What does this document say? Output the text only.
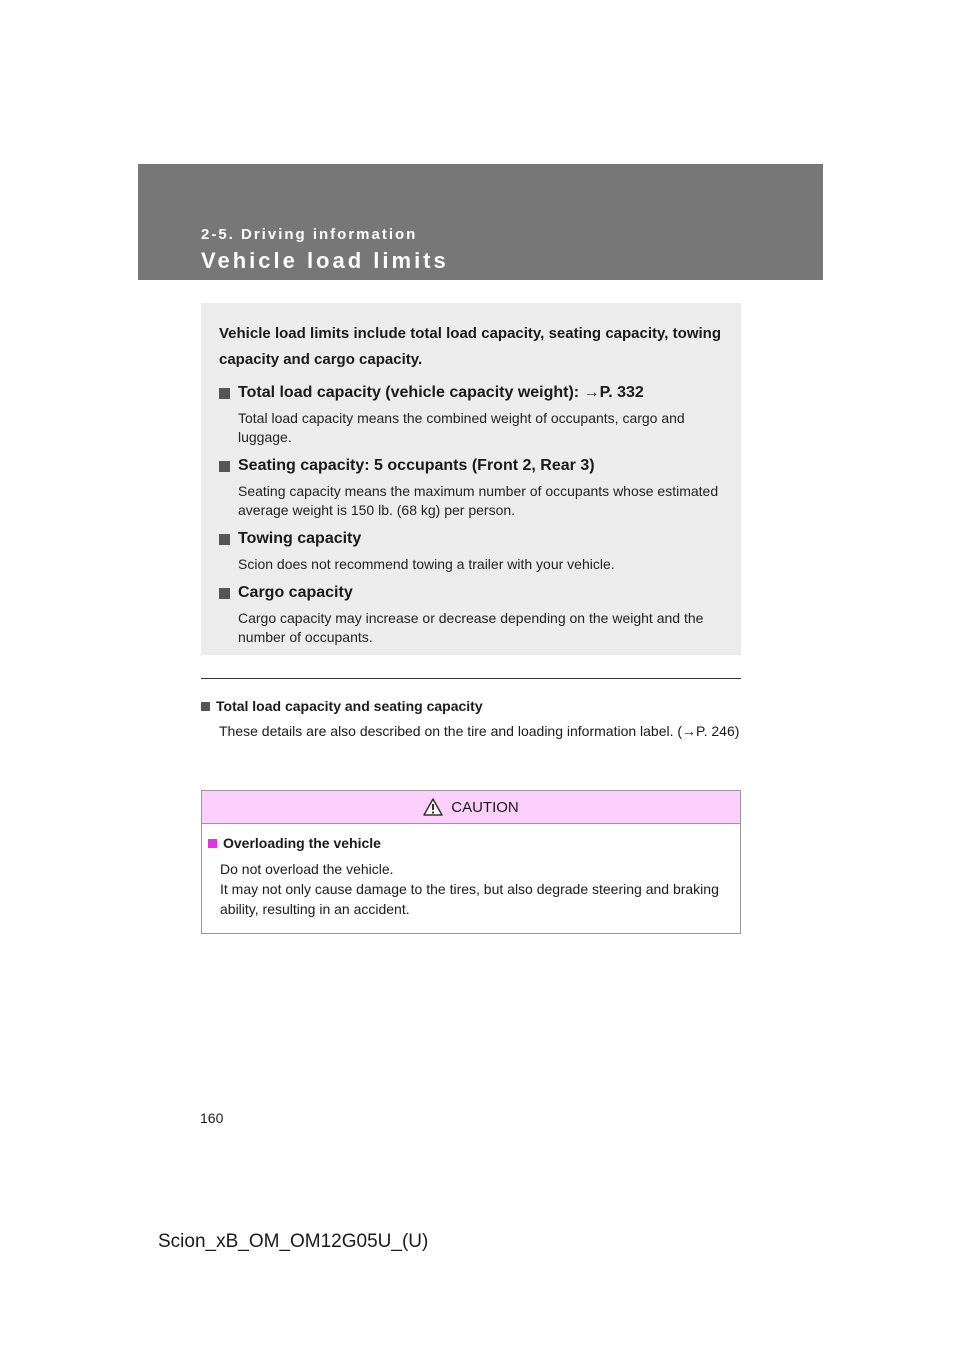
2-5. Driving information
Vehicle load limits

Vehicle load limits include total load capacity, seating capacity, towing capacity and cargo capacity.

Total load capacity (vehicle capacity weight): →P. 332
Total load capacity means the combined weight of occupants, cargo and luggage.
Seating capacity: 5 occupants (Front 2, Rear 3)
Seating capacity means the maximum number of occupants whose estimated average weight is 150 lb. (68 kg) per person.
Towing capacity
Scion does not recommend towing a trailer with your vehicle.
Cargo capacity
Cargo capacity may increase or decrease depending on the weight and the number of occupants.
Total load capacity and seating capacity
These details are also described on the tire and loading information label. (→P. 246)
CAUTION
Overloading the vehicle
Do not overload the vehicle.
It may not only cause damage to the tires, but also degrade steering and braking ability, resulting in an accident.
160
Scion_xB_OM_OM12G05U_(U)
